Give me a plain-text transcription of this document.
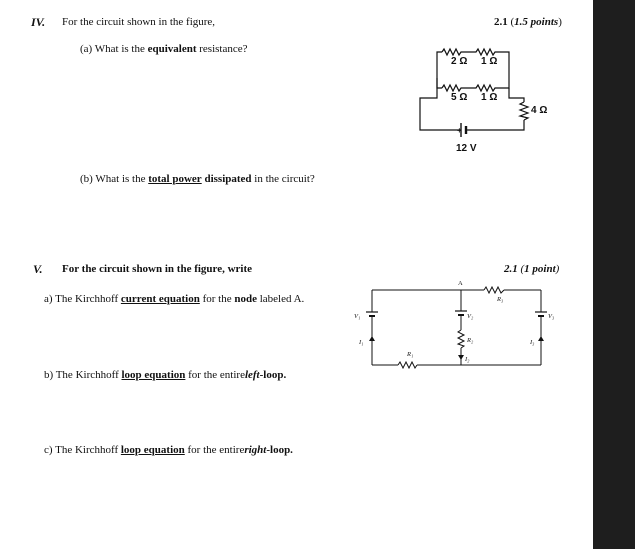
IV. For the circuit shown in the figure,	2.1 (1.5 points)
(a) What is the equivalent resistance?
(b) What is the total power dissipated in the circuit?
2 Ω 1 Ω
5 Ω 1 Ω
4 Ω
+
12 V
V. For the circuit shown in the figure, write	2.1 (1 point)
a) The Kirchhoff current equation for the node labeled A.
b) The Kirchhoff loop equation for the entireleft-loop.
c) The Kirchhoff loop equation for the entireright-loop.
A
V₁	V₂	V₃
R₁
R₂
R₃
I₁
I₂
I₃
